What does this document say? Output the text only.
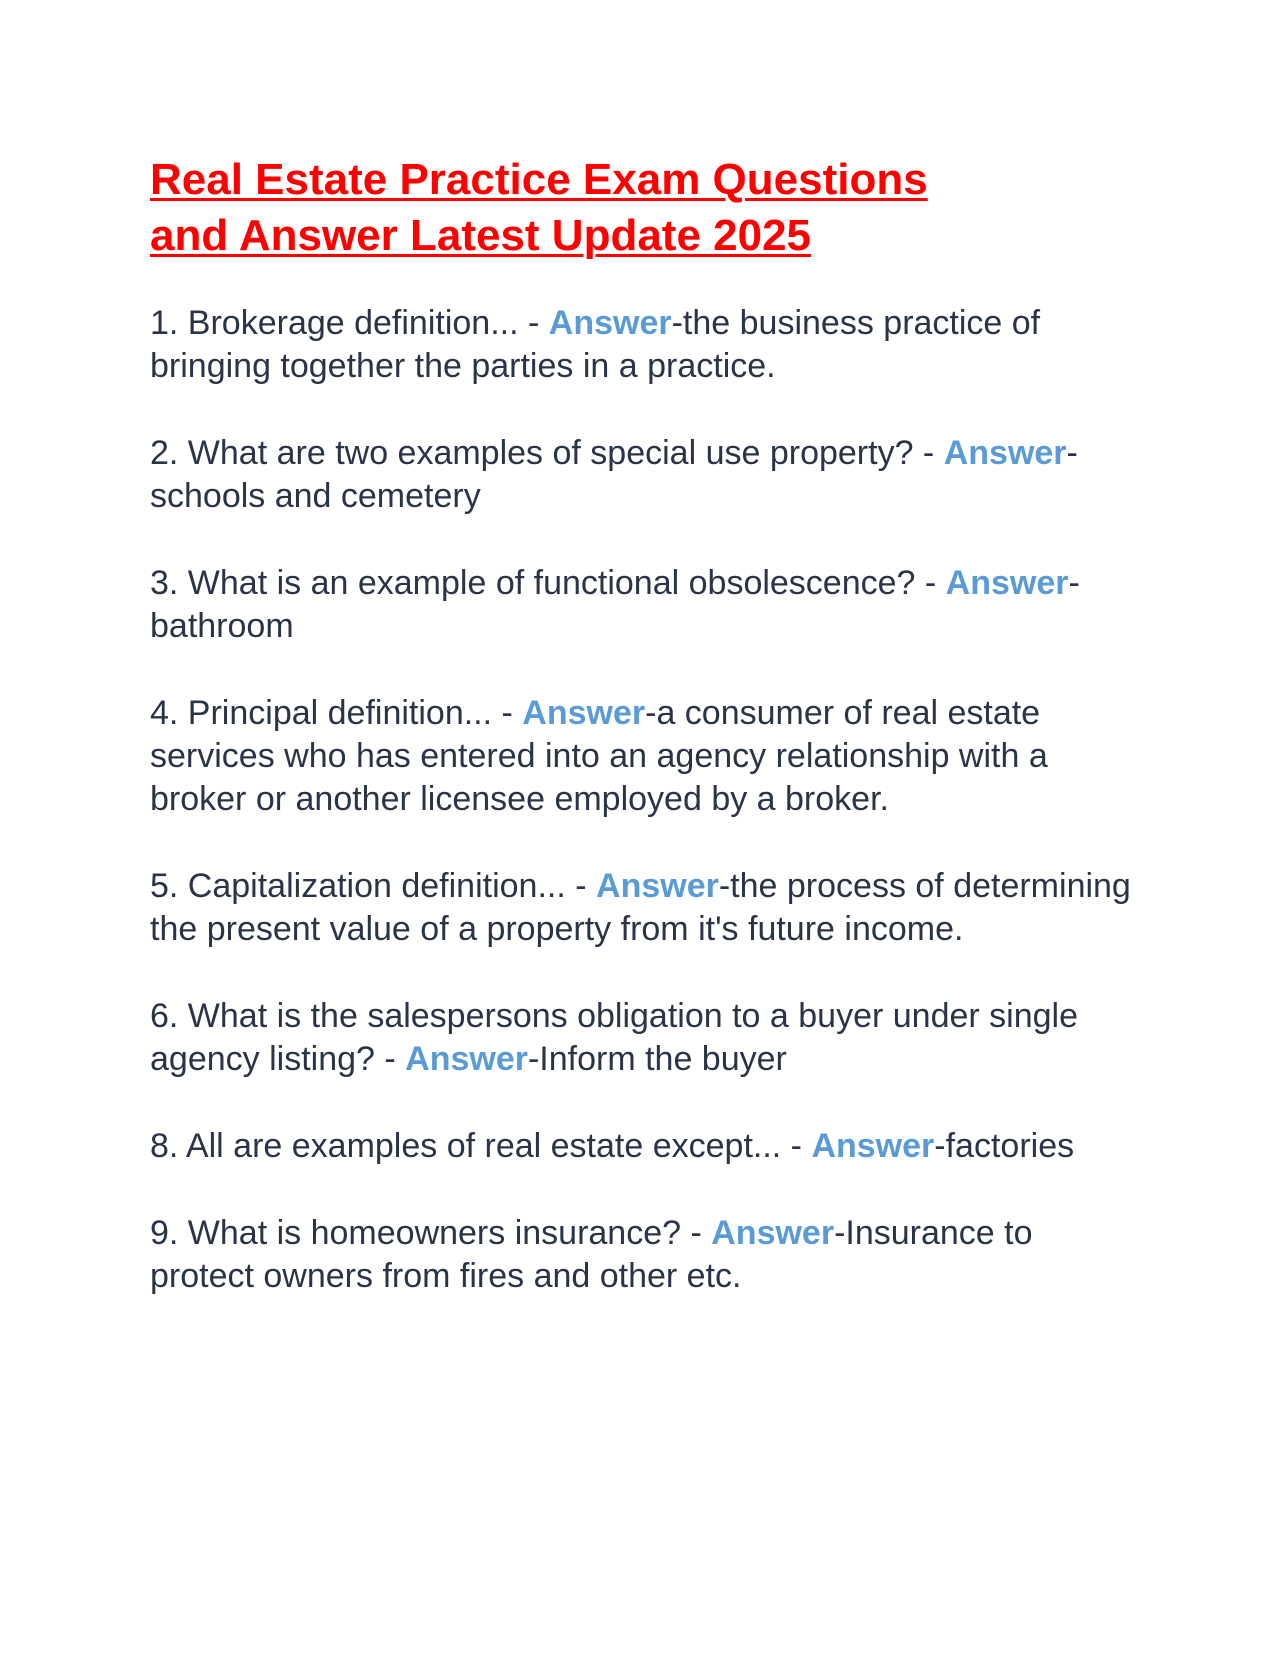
Real Estate Practice Exam Questions
and Answer Latest Update 2025

1. Brokerage definition... - Answer-the business practice of bringing together the parties in a practice.

2. What are two examples of special use property? - Answer-schools and cemetery

3. What is an example of functional obsolescence? - Answer-bathroom

4. Principal definition... - Answer-a consumer of real estate services who has entered into an agency relationship with a broker or another licensee employed by a broker.

5. Capitalization definition... - Answer-the process of determining the present value of a property from it's future income.

6. What is the salespersons obligation to a buyer under single agency listing? - Answer-Inform the buyer

8. All are examples of real estate except... - Answer-factories

9. What is homeowners insurance? - Answer-Insurance to protect owners from fires and other etc.
